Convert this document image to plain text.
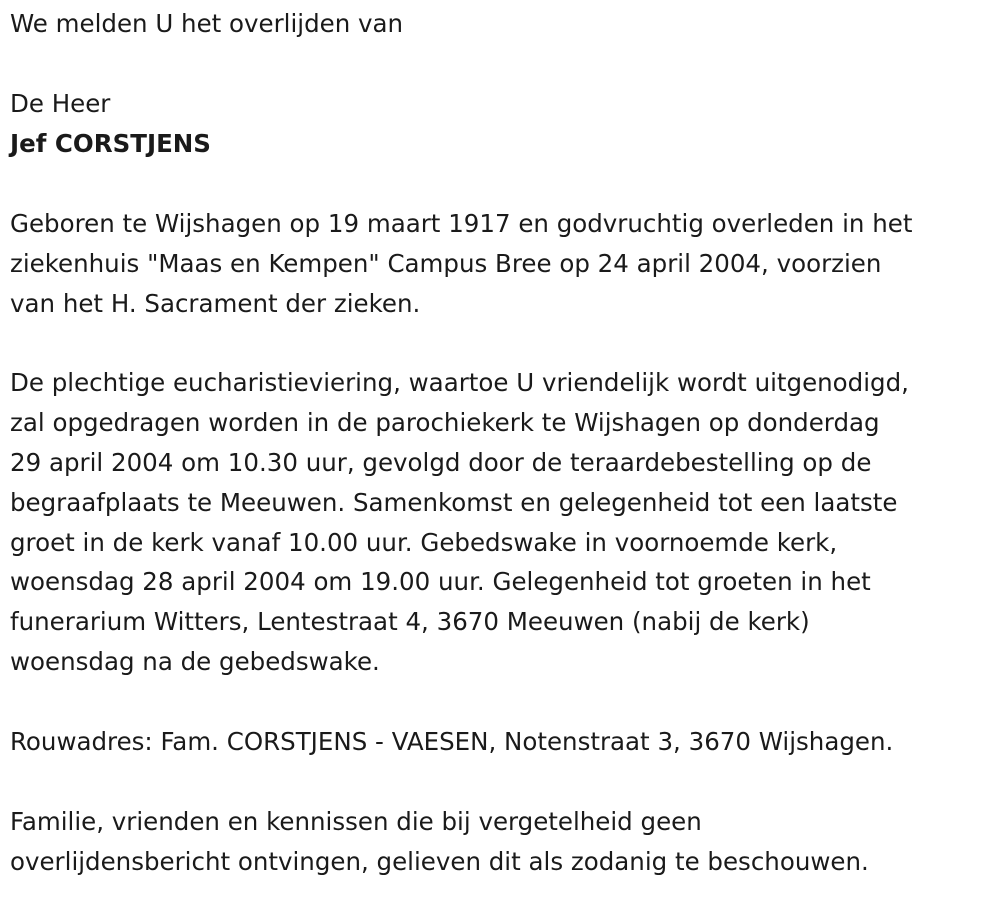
We melden U het overlijden van

De Heer

Jef CORSTJENS

Geboren te Wijshagen op 19 maart 1917 en godvruchtig overleden in het

ziekenhuis "Maas en Kempen" Campus Bree op 24 april 2004, voorzien

van het H. Sacrament der zieken.

De plechtige eucharistieviering, waartoe U vriendelijk wordt uitgenodigd,

zal opgedragen worden in de parochiekerk te Wijshagen op donderdag

29 april 2004 om 10.30 uur, gevolgd door de teraardebestelling op de

begraafplaats te Meeuwen. Samenkomst en gelegenheid tot een laatste

groet in de kerk vanaf 10.00 uur. Gebedswake in voornoemde kerk,

woensdag 28 april 2004 om 19.00 uur. Gelegenheid tot groeten in het

funerarium Witters, Lentestraat 4, 3670 Meeuwen (nabij de kerk)

woensdag na de gebedswake.

Rouwadres: Fam. CORSTJENS - VAESEN, Notenstraat 3, 3670 Wijshagen.

Familie, vrienden en kennissen die bij vergetelheid geen

overlijdensbericht ontvingen, gelieven dit als zodanig te beschouwen.
